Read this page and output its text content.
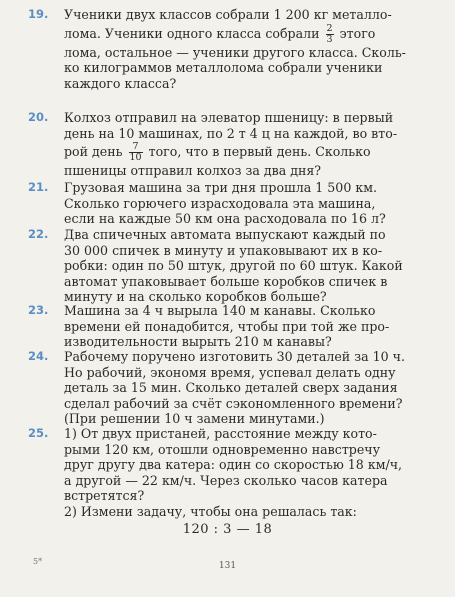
19. Ученики двух классов собрали 1 200 кг металло-
лома. Ученики одного класса собрали $\frac{2}{3}$ этого
лома, остальное — ученики другого класса. Сколь-
ко килограммов металлолома собрали ученики
каждого класса?
20. Колхоз отправил на элеватор пшеницу: в первый
день на 10 машинах, по 2 т 4 ц на каждой, во вто-
рой день $\frac{7}{10}$ того, что в первый день. Сколько
пшеницы отправил колхоз за два дня?
21. Грузовая машина за три дня прошла 1 500 км.
Сколько горючего израсходовала эта машина,
если на каждые 50 км она расходовала по 16 л?
22. Два спичечных автомата выпускают каждый по
30 000 спичек в минуту и упаковывают их в ко-
робки: один по 50 штук, другой по 60 штук. Какой
автомат упаковывает больше коробков спичек в
минуту и на сколько коробков больше?
23. Машина за 4 ч вырыла 140 м канавы. Сколько
времени ей понадобится, чтобы при той же про-
изводительности вырыть 210 м канавы?
24. Рабочему поручено изготовить 30 деталей за 10 ч.
Но рабочий, экономя время, успевал делать одну
деталь за 15 мин. Сколько деталей сверх задания
сделал рабочий за счёт сэкономленного времени?
(При решении 10 ч замени минутами.)
25. 1) От двух пристаней, расстояние между кото-
рыми 120 км, отошли одновременно навстречу
друг другу два катера: один со скоростью 18 км/ч,
а другой — 22 км/ч. Через сколько часов катера
встретятся?
2) Измени задачу, чтобы она решалась так:
120 : 3 — 18
5*	131
